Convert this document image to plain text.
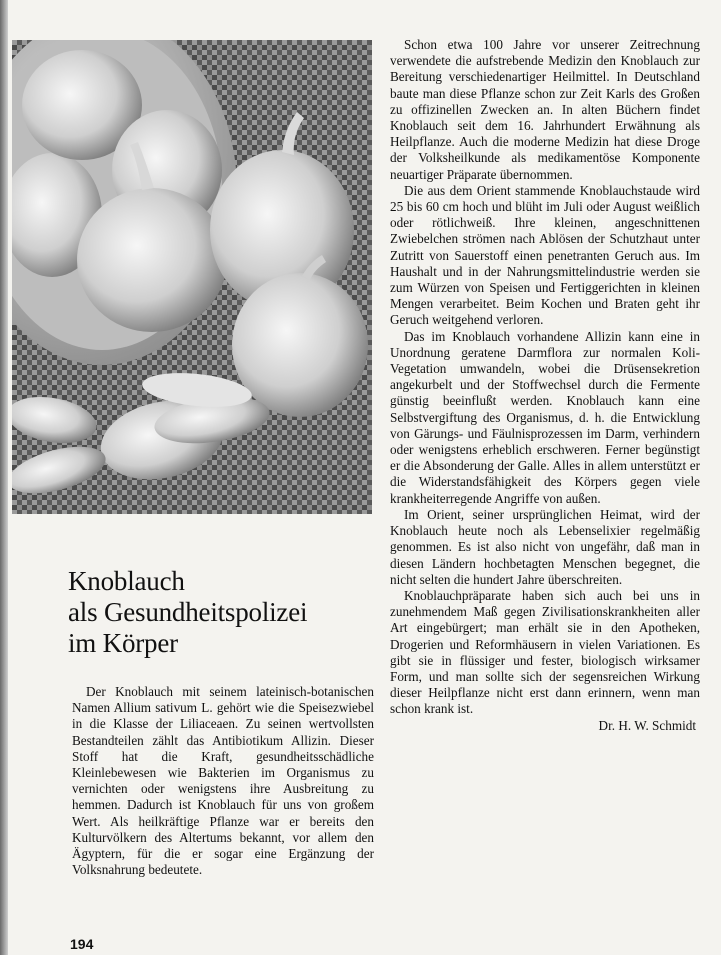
Knoblauch
als Gesundheitspolizei
im Körper

Der Knoblauch mit seinem lateinisch-botanischen Namen Allium sativum L. gehört wie die Speisezwiebel in die Klasse der Liliaceaen. Zu seinen wertvollsten Bestandteilen zählt das Antibiotikum Allizin. Dieser Stoff hat die Kraft, gesundheitsschädliche Kleinlebewesen wie Bakterien im Organismus zu vernichten oder wenigstens ihre Ausbreitung zu hemmen. Dadurch ist Knoblauch für uns von großem Wert. Als heilkräftige Pflanze war er bereits den Kulturvölkern des Altertums bekannt, vor allem den Ägyptern, für die er sogar eine Ergänzung der Volksnahrung bedeutete.

Schon etwa 100 Jahre vor unserer Zeitrechnung verwendete die aufstrebende Medizin den Knoblauch zur Bereitung verschiedenartiger Heilmittel. In Deutschland baute man diese Pflanze schon zur Zeit Karls des Großen zu offizinellen Zwecken an. In alten Büchern findet Knoblauch seit dem 16. Jahrhundert Erwähnung als Heilpflanze. Auch die moderne Medizin hat diese Droge der Volksheilkunde als medikamentöse Komponente neuartiger Präparate übernommen.

Die aus dem Orient stammende Knoblauchstaude wird 25 bis 60 cm hoch und blüht im Juli oder August weißlich oder rötlichweiß. Ihre kleinen, angeschnittenen Zwiebelchen strömen nach Ablösen der Schutzhaut unter Zutritt von Sauerstoff einen penetranten Geruch aus. Im Haushalt und in der Nahrungsmittelindustrie werden sie zum Würzen von Speisen und Fertiggerichten in kleinen Mengen verarbeitet. Beim Kochen und Braten geht ihr Geruch weitgehend verloren.

Das im Knoblauch vorhandene Allizin kann eine in Unordnung geratene Darmflora zur normalen Koli-Vegetation umwandeln, wobei die Drüsensekretion angekurbelt und der Stoffwechsel durch die Fermente günstig beeinflußt werden. Knoblauch kann eine Selbstvergiftung des Organismus, d. h. die Entwicklung von Gärungs- und Fäulnisprozessen im Darm, verhindern oder wenigstens erheblich erschweren. Ferner begünstigt er die Absonderung der Galle. Alles in allem unterstützt er die Widerstandsfähigkeit des Körpers gegen viele krankheiterregende Angriffe von außen.

Im Orient, seiner ursprünglichen Heimat, wird der Knoblauch heute noch als Lebenselixier regelmäßig genommen. Es ist also nicht von ungefähr, daß man in diesen Ländern hochbetagten Menschen begegnet, die nicht selten die hundert Jahre überschreiten.

Knoblauchpräparate haben sich auch bei uns in zunehmendem Maß gegen Zivilisationskrankheiten aller Art eingebürgert; man erhält sie in den Apotheken, Drogerien und Reformhäusern in vielen Variationen. Es gibt sie in flüssiger und fester, biologisch wirksamer Form, und man sollte sich der segensreichen Wirkung dieser Heilpflanze nicht erst dann erinnern, wenn man schon krank ist.

Dr. H. W. Schmidt

194
